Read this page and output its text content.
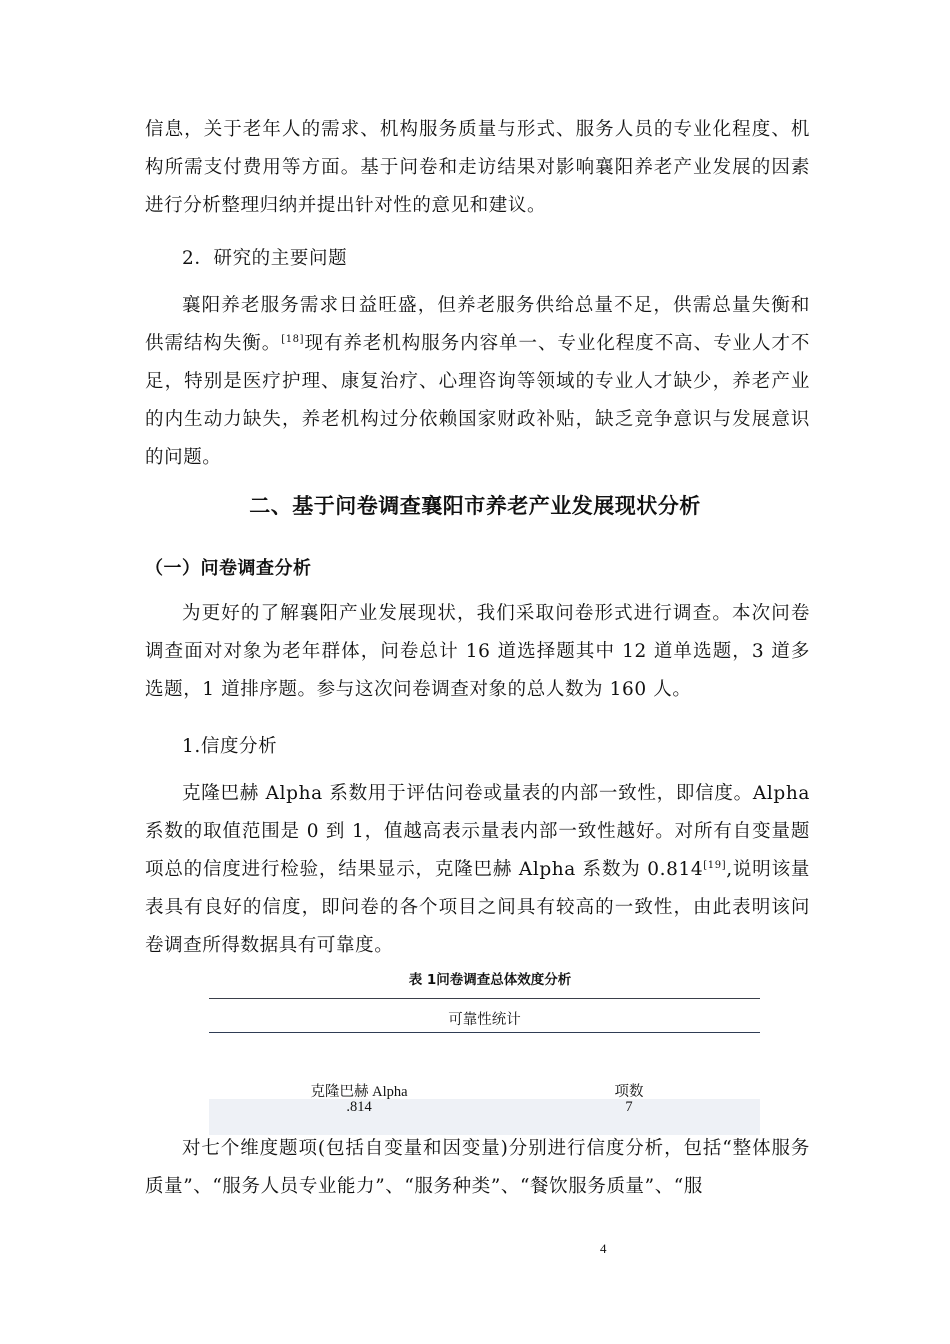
信息，关于老年人的需求、机构服务质量与形式、服务人员的专业化程度、机构所需支付费用等方面。基于问卷和走访结果对影响襄阳养老产业发展的因素进行分析整理归纳并提出针对性的意见和建议。
2．研究的主要问题
襄阳养老服务需求日益旺盛，但养老服务供给总量不足，供需总量失衡和供需结构失衡。[18]现有养老机构服务内容单一、专业化程度不高、专业人才不足，特别是医疗护理、康复治疗、心理咨询等领域的专业人才缺少，养老产业的内生动力缺失，养老机构过分依赖国家财政补贴，缺乏竞争意识与发展意识的问题。
二、基于问卷调查襄阳市养老产业发展现状分析
（一）问卷调查分析
为更好的了解襄阳产业发展现状，我们采取问卷形式进行调查。本次问卷调查面对对象为老年群体，问卷总计 16 道选择题其中 12 道单选题，3 道多选题，1 道排序题。参与这次问卷调查对象的总人数为 160 人。
1.信度分析
克隆巴赫 Alpha 系数用于评估问卷或量表的内部一致性，即信度。Alpha 系数的取值范围是 0 到 1，值越高表示量表内部一致性越好。对所有自变量题项总的信度进行检验，结果显示，克隆巴赫 Alpha 系数为 0.814[19],说明该量表具有良好的信度，即问卷的各个项目之间具有较高的一致性，由此表明该问卷调查所得数据具有可靠度。
表 1问卷调查总体效度分析
可靠性统计
克隆巴赫 Alpha	项数
.814	7
对七个维度题项(包括自变量和因变量)分别进行信度分析，包括“整体服务质量”、“服务人员专业能力”、“服务种类”、“餐饮服务质量”、“服
4
